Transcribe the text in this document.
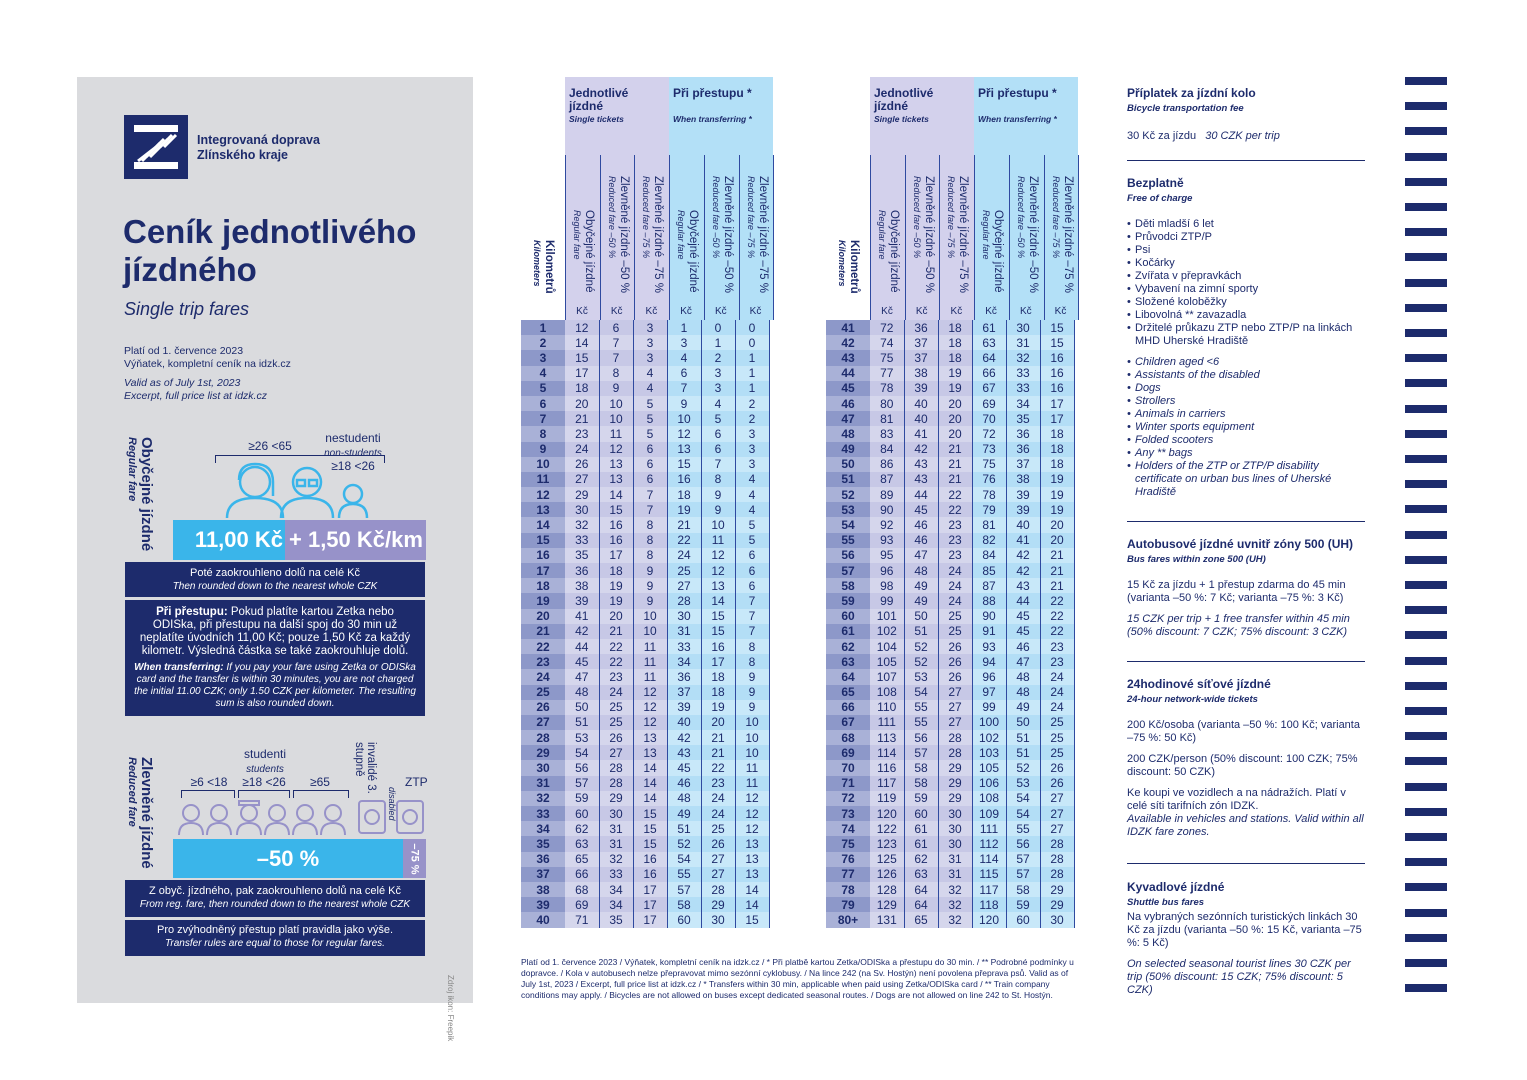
Integrovaná doprava
Zlínského kraje
Ceník jednotlivého jízdného
Single trip fares
Platí od 1. července 2023
Výňatek, kompletní ceník na idzk.cz
Valid as of July 1st, 2023
Excerpt, full price list at idzk.cz
Obyčejné jízdné
Regular fare	≥26 <65
nestudenti
non-students
≥18 <26
11,00 Kč + 1,50 Kč/km
Poté zaokrouhleno dolů na celé Kč
Then rounded down to the nearest whole CZK
Při přestupu: Pokud platíte kartou Zetka nebo ODISka, při přestupu na další spoj do 30 min už neplatíte úvodních 11,00 Kč; pouze 1,50 Kč za každý kilometr. Výsledná částka se také zaokrouhluje dolů.
When transferring: If you pay your fare using Zetka or ODISka card and the transfer is within 30 minutes, you are not charged the initial 11.00 CZK; only 1.50 CZK per kilometer. The resulting sum is also rounded down.
Zlevněné jízdné
Reduced fare
studenti
students
≥6 <18	≥18 <26	≥65	invalidé 3. stupně
ZTP
disabled
–50 %	–75 %
Z obyč. jízdného, pak zaokrouhleno dolů na celé Kč
From reg. fare, then rounded down to the nearest whole CZK
Pro zvýhodněný přestup platí pravidla jako výše.
Transfer rules are equal to those for regular fares.
Zdroj ikon: Freepik
Jednotlivé jízdné
Single tickets
Při přestupu *
When transferring *
Kilometrů
Kilometers	Obyčejné jízdné
Regular fare
Kč
Zlevněné jízdné –50 %
Reduced fare –50 %
Kč
Zlevněné jízdné –75 %
Reduced fare –75 %
Kč
Obyčejné jízdné
Regular fare
Kč
Zlevněné jízdné –50 %
Reduced fare –50 %
Kč
Zlevněné jízdné –75 %
Reduced fare –75 %
Kč
Jednotlivé jízdné
Single tickets
Při přestupu *
When transferring *
Kilometrů
Kilometers	Obyčejné jízdné
Regular fare
Kč
Zlevněné jízdné –50 %
Reduced fare –50 %
Kč
Zlevněné jízdné –75 %
Reduced fare –75 %
Kč
Obyčejné jízdné
Regular fare
Kč
Zlevněné jízdné –50 %
Reduced fare –50 %
Kč
Zlevněné jízdné –75 %
Reduced fare –75 %
Kč
1	12	6	3	1	0	0
2	14	7	3	3	1	0
3	15	7	3	4	2	1
4	17	8	4	6	3	1
5	18	9	4	7	3	1
6	20	10	5	9	4	2
7	21	10	5	10	5	2
8	23	11	5	12	6	3
9	24	12	6	13	6	3
10	26	13	6	15	7	3
11	27	13	6	16	8	4
12	29	14	7	18	9	4
13	30	15	7	19	9	4
14	32	16	8	21	10	5
15	33	16	8	22	11	5
16	35	17	8	24	12	6
17	36	18	9	25	12	6
18	38	19	9	27	13	6
19	39	19	9	28	14	7
20	41	20	10	30	15	7
21	42	21	10	31	15	7
22	44	22	11	33	16	8
23	45	22	11	34	17	8
24	47	23	11	36	18	9
25	48	24	12	37	18	9
26	50	25	12	39	19	9
27	51	25	12	40	20	10
28	53	26	13	42	21	10
29	54	27	13	43	21	10
30	56	28	14	45	22	11
31	57	28	14	46	23	11
32	59	29	14	48	24	12
33	60	30	15	49	24	12
34	62	31	15	51	25	12
35	63	31	15	52	26	13
36	65	32	16	54	27	13
37	66	33	16	55	27	13
38	68	34	17	57	28	14
39	69	34	17	58	29	14
40	71	35	17	60	30	15
41	72	36	18	61	30	15
42	74	37	18	63	31	15
43	75	37	18	64	32	16
44	77	38	19	66	33	16
45	78	39	19	67	33	16
46	80	40	20	69	34	17
47	81	40	20	70	35	17
48	83	41	20	72	36	18
49	84	42	21	73	36	18
50	86	43	21	75	37	18
51	87	43	21	76	38	19
52	89	44	22	78	39	19
53	90	45	22	79	39	19
54	92	46	23	81	40	20
55	93	46	23	82	41	20
56	95	47	23	84	42	21
57	96	48	24	85	42	21
58	98	49	24	87	43	21
59	99	49	24	88	44	22
60	101	50	25	90	45	22
61	102	51	25	91	45	22
62	104	52	26	93	46	23
63	105	52	26	94	47	23
64	107	53	26	96	48	24
65	108	54	27	97	48	24
66	110	55	27	99	49	24
67	111	55	27	100	50	25
68	113	56	28	102	51	25
69	114	57	28	103	51	25
70	116	58	29	105	52	26
71	117	58	29	106	53	26
72	119	59	29	108	54	27
73	120	60	30	109	54	27
74	122	61	30	111	55	27
75	123	61	30	112	56	28
76	125	62	31	114	57	28
77	126	63	31	115	57	28
78	128	64	32	117	58	29
79	129	64	32	118	59	29
80+	131	65	32	120	60	30
Platí od 1. července 2023 / Výňatek, kompletní ceník na idzk.cz / * Při platbě kartou Zetka/ODISka a přestupu do 30 min. / ** Podrobné podmínky u dopravce. / Kola v autobusech nelze přepravovat mimo sezónní cyklobusy. / Na lince 242 (na Sv. Hostýn) není povolena přeprava psů. Valid as of July 1st, 2023 / Excerpt, full price list at idzk.cz / * Transfers within 30 min, applicable when paid using Zetka/ODISka card / ** Train company conditions may apply. / Bicycles are not allowed on buses except dedicated seasonal routes. / Dogs are not allowed on line 242 to St. Hostýn.
Příplatek za jízdní kolo
Bicycle transportation fee
30 Kč za jízdu 30 CZK per trip
Bezplatně
Free of charge
• Děti mladší 6 let
• Průvodci ZTP/P
• Psi
• Kočárky
• Zvířata v přepravkách
• Vybavení na zimní sporty
• Složené koloběžky
• Libovolná ** zavazadla
• Držitelé průkazu ZTP nebo ZTP/P na linkách MHD Uherské Hradiště
• Children aged <6
• Assistants of the disabled
• Dogs
• Strollers
• Animals in carriers
• Winter sports equipment
• Folded scooters
• Any ** bags
• Holders of the ZTP or ZTP/P disability certificate on urban bus lines of Uherské Hradiště
Autobusové jízdné uvnitř zóny 500 (UH)
Bus fares within zone 500 (UH)
15 Kč za jízdu + 1 přestup zdarma do 45 min (varianta –50 %: 7 Kč; varianta –75 %: 3 Kč)
15 CZK per trip + 1 free transfer within 45 min (50% discount: 7 CZK; 75% discount: 3 CZK)
24hodinové síťové jízdné
24-hour network-wide tickets
200 Kč/osoba (varianta –50 %: 100 Kč; varianta –75 %: 50 Kč)
200 CZK/person (50% discount: 100 CZK; 75% discount: 50 CZK)
Ke koupi ve vozidlech a na nádražích. Platí v celé síti tarifních zón IDZK.
Available in vehicles and stations. Valid within all IDZK fare zones.
Kyvadlové jízdné
Shuttle bus fares
Na vybraných sezónních turistických linkách 30 Kč za jízdu (varianta –50 %: 15 Kč, varianta –75 %: 5 Kč)
On selected seasonal tourist lines 30 CZK per trip (50% discount: 15 CZK; 75% discount: 5 CZK)
